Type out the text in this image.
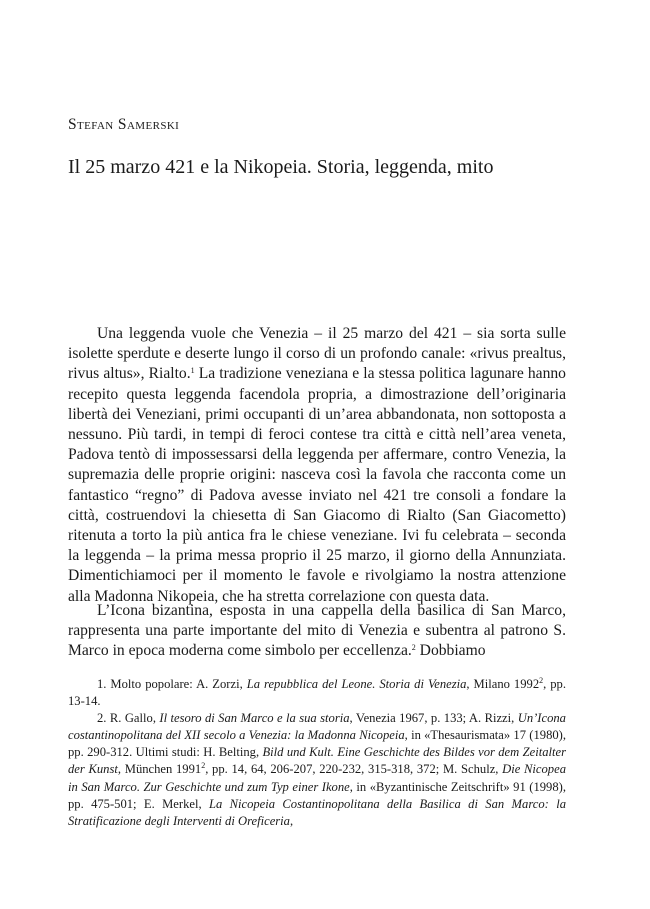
Stefan Samerski
Il 25 marzo 421 e la Nikopeia. Storia, leggenda, mito

Una leggenda vuole che Venezia – il 25 marzo del 421 – sia sorta sulle isolette sperdute e deserte lungo il corso di un profondo canale: «rivus prealtus, rivus altus», Rialto.$^1$ La tradizione veneziana e la stessa politica lagunare hanno recepito questa leggenda facendola propria, a dimostrazione dell’originaria libertà dei Veneziani, primi occupanti di un’area abbandonata, non sottoposta a nessuno. Più tardi, in tempi di feroci contese tra città e città nell’area veneta, Padova tentò di impossessarsi della leggenda per affermare, contro Venezia, la supremazia delle proprie origini: nasceva così la favola che racconta come un fantastico “regno” di Padova avesse inviato nel 421 tre consoli a fondare la città, costruendovi la chiesetta di San Giacomo di Rialto (San Giacometto) ritenuta a torto la più antica fra le chiese veneziane. Ivi fu celebrata – seconda la leggenda – la prima messa proprio il 25 marzo, il giorno della Annunziata. Dimentichiamoci per il momento le favole e rivolgiamo la nostra attenzione alla Madonna Nikopeia, che ha stretta correlazione con questa data.

L’Icona bizantina, esposta in una cappella della basilica di San Marco, rappresenta una parte importante del mito di Venezia e subentra al patrono S. Marco in epoca moderna come simbolo per eccellenza.$^2$ Dobbiamo

1. Molto popolare: A. Zorzi, La repubblica del Leone. Storia di Venezia, Milano 1992$^2$, pp. 13-14.

2. R. Gallo, Il tesoro di San Marco e la sua storia, Venezia 1967, p. 133; A. Rizzi, Un’Icona costantinopolitana del XII secolo a Venezia: la Madonna Nicopeia, in «Thesaurismata» 17 (1980), pp. 290-312. Ultimi studi: H. Belting, Bild und Kult. Eine Geschichte des Bildes vor dem Zeitalter der Kunst, München 1991$^2$, pp. 14, 64, 206-207, 220-232, 315-318, 372; M. Schulz, Die Nicopea in San Marco. Zur Geschichte und zum Typ einer Ikone, in «Byzantinische Zeitschrift» 91 (1998), pp. 475-501; E. Merkel, La Nicopeia Costantinopolitana della Basilica di San Marco: la Stratificazione degli Interventi di Oreficeria,
